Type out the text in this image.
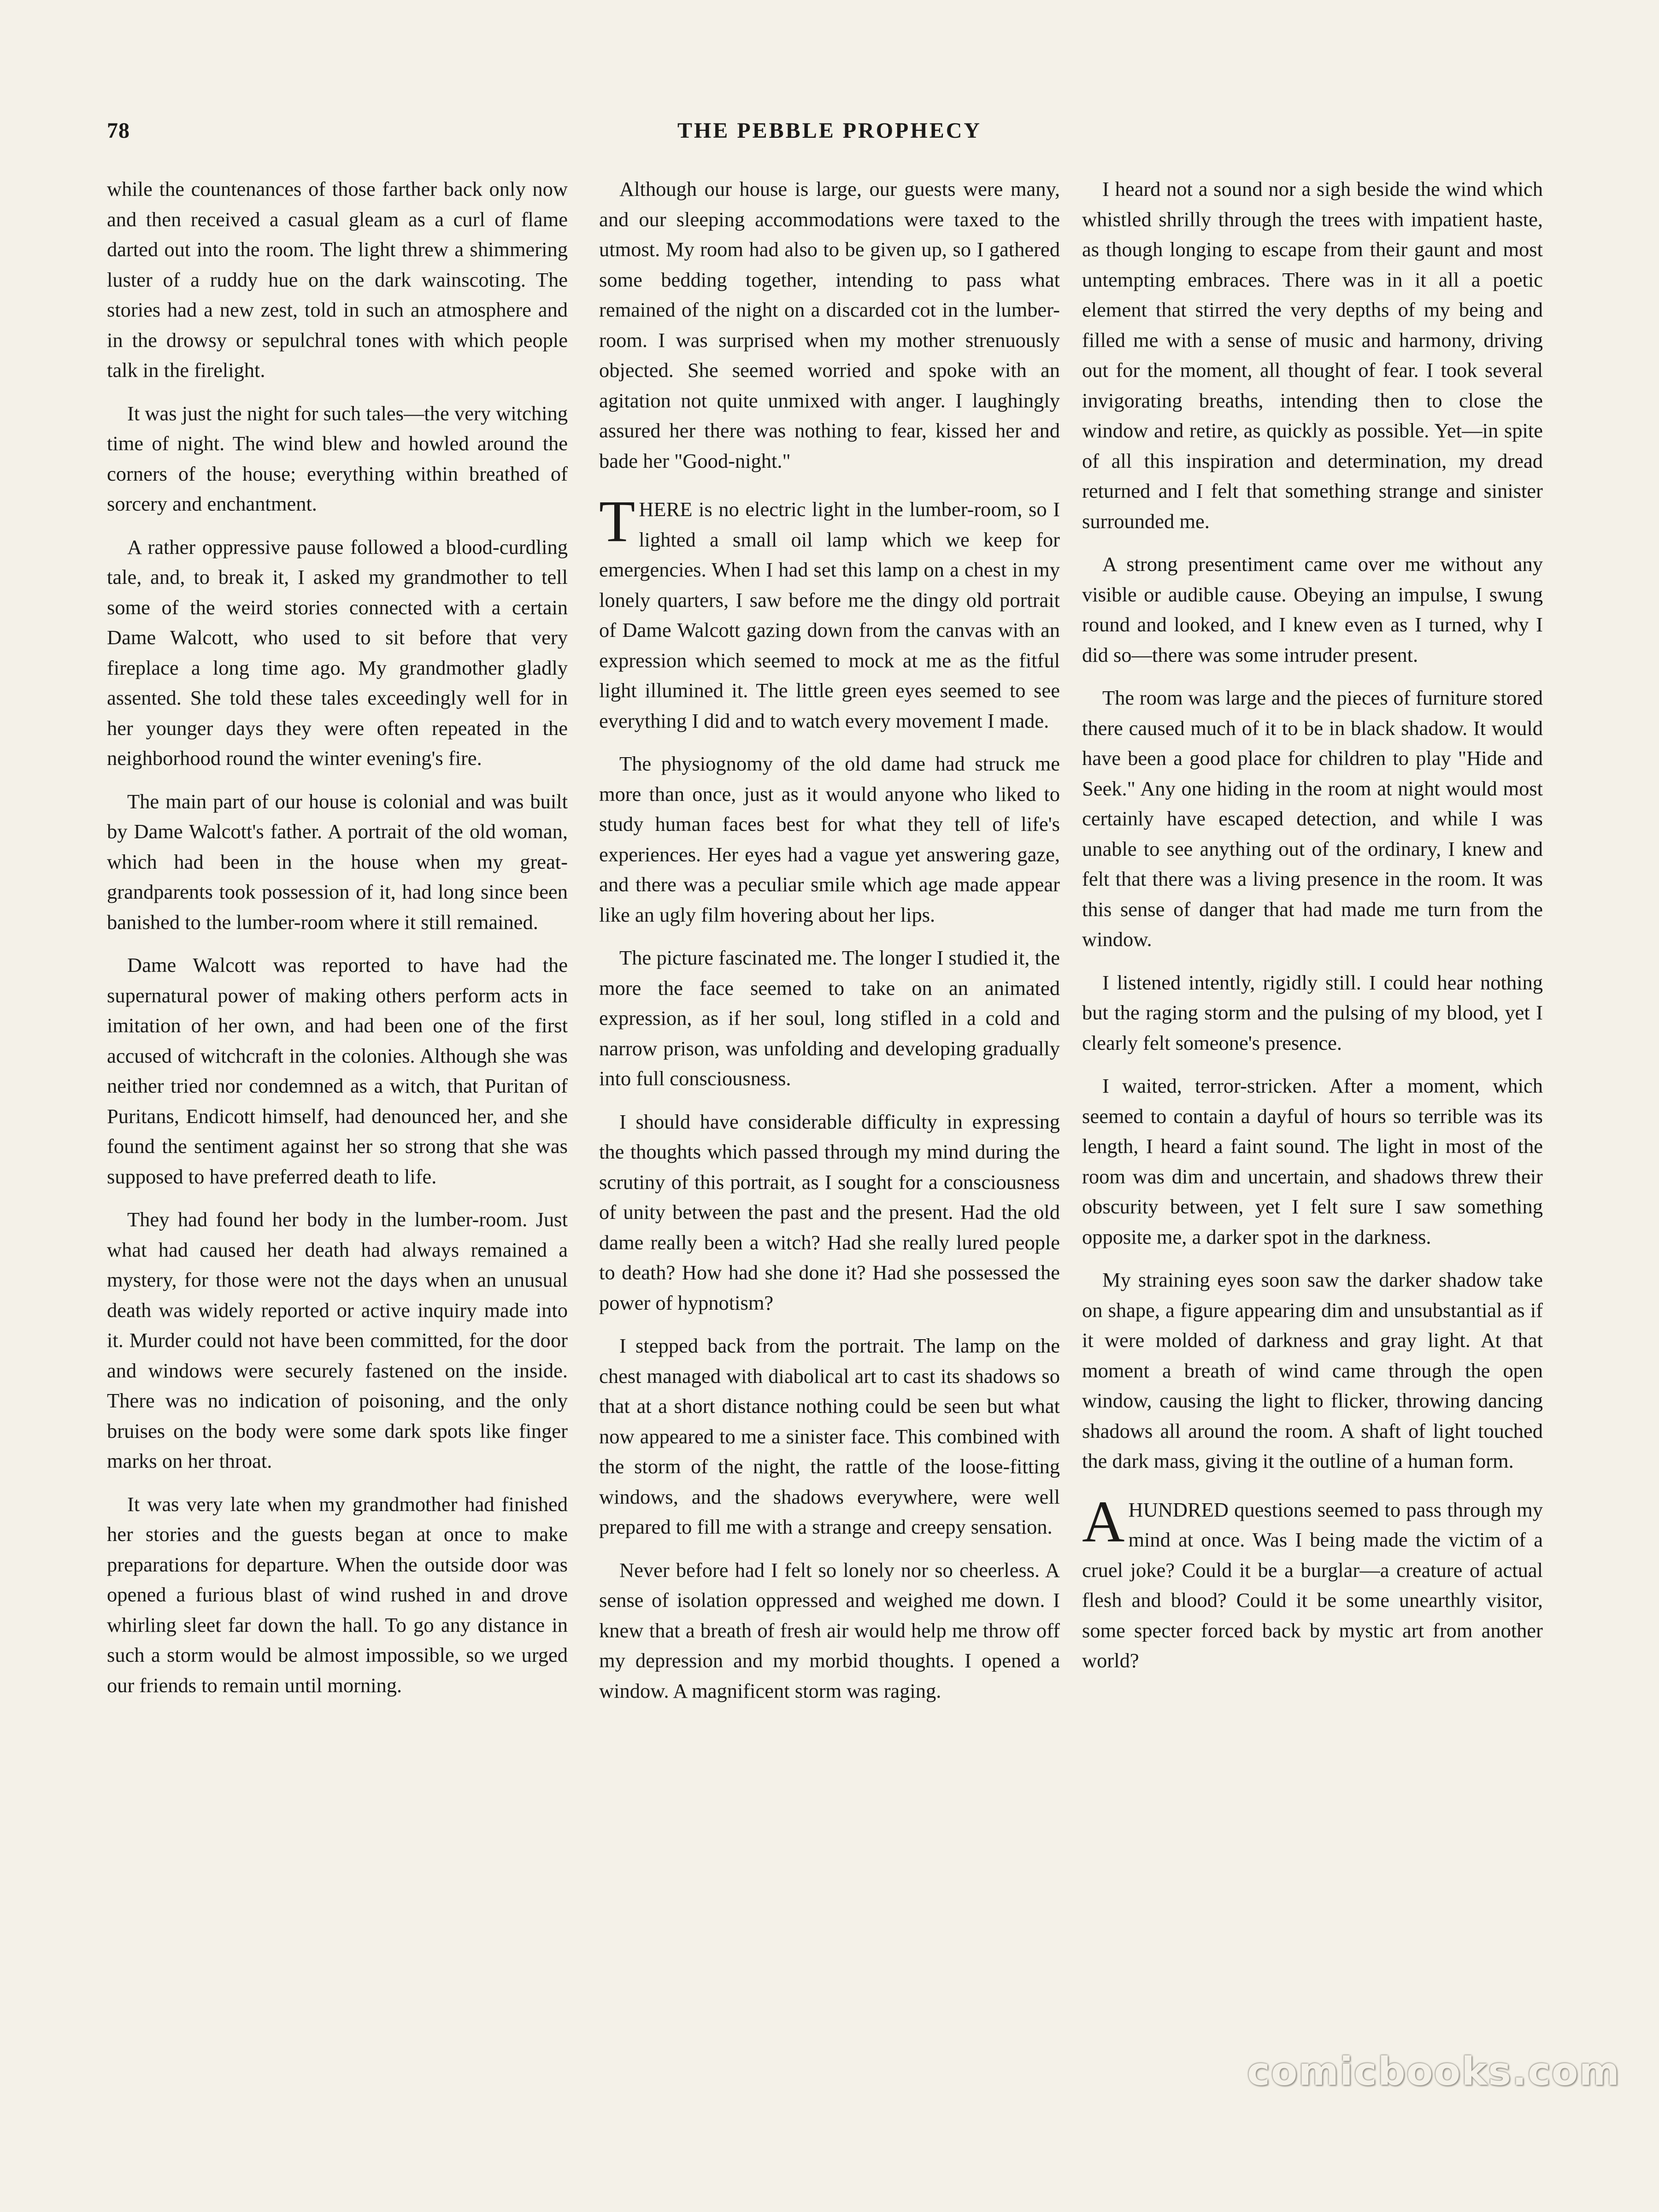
78	THE PEBBLE PROPHECY

while the countenances of those farther back only now and then received a casual gleam as a curl of flame darted out into the room. The light threw a shimmering luster of a ruddy hue on the dark wainscoting. The stories had a new zest, told in such an atmosphere and in the drowsy or sepulchral tones with which people talk in the firelight.

It was just the night for such tales—the very witching time of night. The wind blew and howled around the corners of the house; everything within breathed of sorcery and enchantment.

A rather oppressive pause followed a blood-curdling tale, and, to break it, I asked my grandmother to tell some of the weird stories connected with a certain Dame Walcott, who used to sit before that very fireplace a long time ago. My grandmother gladly assented. She told these tales exceedingly well for in her younger days they were often repeated in the neighborhood round the winter evening's fire.

The main part of our house is colonial and was built by Dame Walcott's father. A portrait of the old woman, which had been in the house when my great-grandparents took possession of it, had long since been banished to the lumber-room where it still remained.

Dame Walcott was reported to have had the supernatural power of making others perform acts in imitation of her own, and had been one of the first accused of witchcraft in the colonies. Although she was neither tried nor condemned as a witch, that Puritan of Puritans, Endicott himself, had denounced her, and she found the sentiment against her so strong that she was supposed to have preferred death to life.

They had found her body in the lumber-room. Just what had caused her death had always remained a mystery, for those were not the days when an unusual death was widely reported or active inquiry made into it. Murder could not have been committed, for the door and windows were securely fastened on the inside. There was no indication of poisoning, and the only bruises on the body were some dark spots like finger marks on her throat.

It was very late when my grandmother had finished her stories and the guests began at once to make preparations for departure. When the outside door was opened a furious blast of wind rushed in and drove whirling sleet far down the hall. To go any distance in such a storm would be almost impossible, so we urged our friends to remain until morning.

Although our house is large, our guests were many, and our sleeping accommodations were taxed to the utmost. My room had also to be given up, so I gathered some bedding together, intending to pass what remained of the night on a discarded cot in the lumber-room. I was surprised when my mother strenuously objected. She seemed worried and spoke with an agitation not quite unmixed with anger. I laughingly assured her there was nothing to fear, kissed her and bade her "Good-night."

THERE is no electric light in the lumber-room, so I lighted a small oil lamp which we keep for emergencies. When I had set this lamp on a chest in my lonely quarters, I saw before me the dingy old portrait of Dame Walcott gazing down from the canvas with an expression which seemed to mock at me as the fitful light illumined it. The little green eyes seemed to see everything I did and to watch every movement I made.

The physiognomy of the old dame had struck me more than once, just as it would anyone who liked to study human faces best for what they tell of life's experiences. Her eyes had a vague yet answering gaze, and there was a peculiar smile which age made appear like an ugly film hovering about her lips.

The picture fascinated me. The longer I studied it, the more the face seemed to take on an animated expression, as if her soul, long stifled in a cold and narrow prison, was unfolding and developing gradually into full consciousness.

I should have considerable difficulty in expressing the thoughts which passed through my mind during the scrutiny of this portrait, as I sought for a consciousness of unity between the past and the present. Had the old dame really been a witch? Had she really lured people to death? How had she done it? Had she possessed the power of hypnotism?

I stepped back from the portrait. The lamp on the chest managed with diabolical art to cast its shadows so that at a short distance nothing could be seen but what now appeared to me a sinister face. This combined with the storm of the night, the rattle of the loose-fitting windows, and the shadows everywhere, were well prepared to fill me with a strange and creepy sensation.

Never before had I felt so lonely nor so cheerless. A sense of isolation oppressed and weighed me down. I knew that a breath of fresh air would help me throw off my depression and my morbid thoughts. I opened a window. A magnificent storm was raging.

I heard not a sound nor a sigh beside the wind which whistled shrilly through the trees with impatient haste, as though longing to escape from their gaunt and most untempting embraces. There was in it all a poetic element that stirred the very depths of my being and filled me with a sense of music and harmony, driving out for the moment, all thought of fear. I took several invigorating breaths, intending then to close the window and retire, as quickly as possible. Yet—in spite of all this inspiration and determination, my dread returned and I felt that something strange and sinister surrounded me.

A strong presentiment came over me without any visible or audible cause. Obeying an impulse, I swung round and looked, and I knew even as I turned, why I did so—there was some intruder present.

The room was large and the pieces of furniture stored there caused much of it to be in black shadow. It would have been a good place for children to play "Hide and Seek." Any one hiding in the room at night would most certainly have escaped detection, and while I was unable to see anything out of the ordinary, I knew and felt that there was a living presence in the room. It was this sense of danger that had made me turn from the window.

I listened intently, rigidly still. I could hear nothing but the raging storm and the pulsing of my blood, yet I clearly felt someone's presence.

I waited, terror-stricken. After a moment, which seemed to contain a dayful of hours so terrible was its length, I heard a faint sound. The light in most of the room was dim and uncertain, and shadows threw their obscurity between, yet I felt sure I saw something opposite me, a darker spot in the darkness.

My straining eyes soon saw the darker shadow take on shape, a figure appearing dim and unsubstantial as if it were molded of darkness and gray light. At that moment a breath of wind came through the open window, causing the light to flicker, throwing dancing shadows all around the room. A shaft of light touched the dark mass, giving it the outline of a human form.

A HUNDRED questions seemed to pass through my mind at once. Was I being made the victim of a cruel joke? Could it be a burglar—a creature of actual flesh and blood? Could it be some unearthly visitor, some specter forced back by mystic art from another world?

comicbooks.com
